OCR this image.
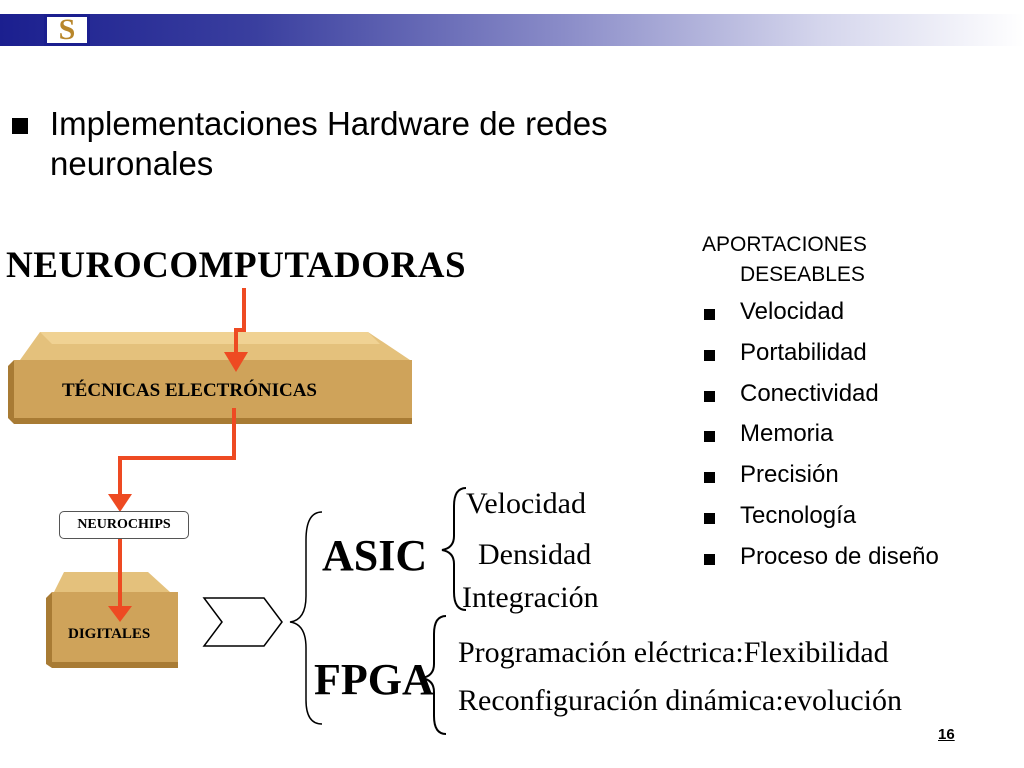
S
Implementaciones Hardware de redes neuronales
NEUROCOMPUTADORAS
TÉCNICAS ELECTRÓNICAS
NEUROCHIPS
DIGITALES
ASIC
Velocidad
Densidad
Integración
FPGA
Programación eléctrica:Flexibilidad
Reconfiguración dinámica:evolución
APORTACIONES
DESEABLES
Velocidad
Portabilidad
Conectividad
Memoria
Precisión
Tecnología
Proceso de diseño
16
